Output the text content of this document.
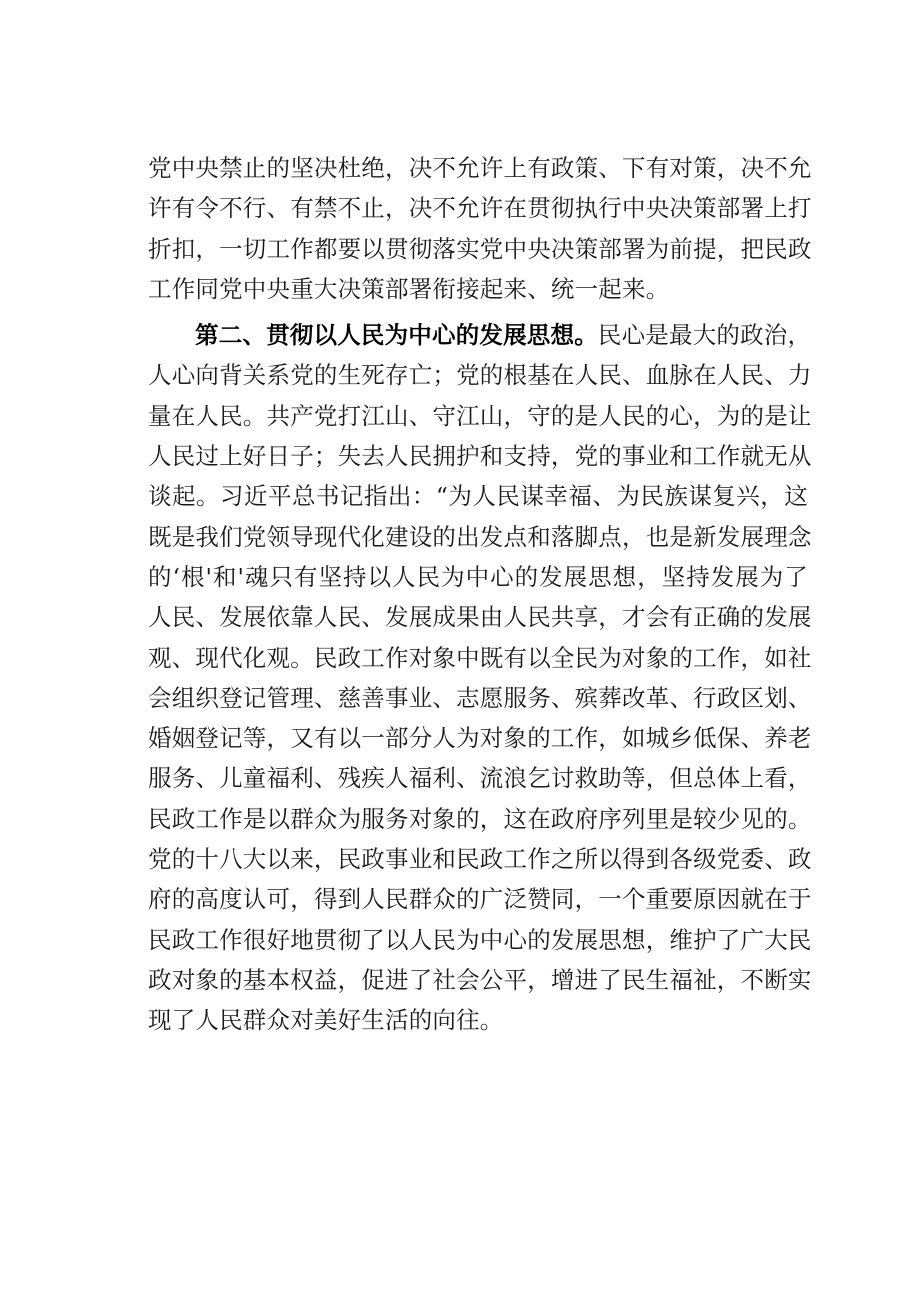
党中央禁止的坚决杜绝，决不允许上有政策、下有对策，决不允
许有令不行、有禁不止，决不允许在贯彻执行中央决策部署上打
折扣，一切工作都要以贯彻落实党中央决策部署为前提，把民政
工作同党中央重大决策部署衔接起来、统一起来。
第二、贯彻以人民为中心的发展思想。民心是最大的政治，
人心向背关系党的生死存亡；党的根基在人民、血脉在人民、力
量在人民。共产党打江山、守江山，守的是人民的心，为的是让
人民过上好日子；失去人民拥护和支持，党的事业和工作就无从
谈起。习近平总书记指出：“为人民谋幸福、为民族谋复兴，这
既是我们党领导现代化建设的出发点和落脚点，也是新发展理念
的‘根'和'魂只有坚持以人民为中心的发展思想，坚持发展为了
人民、发展依靠人民、发展成果由人民共享，才会有正确的发展
观、现代化观。民政工作对象中既有以全民为对象的工作，如社
会组织登记管理、慈善事业、志愿服务、殡葬改革、行政区划、
婚姻登记等，又有以一部分人为对象的工作，如城乡低保、养老
服务、儿童福利、残疾人福利、流浪乞讨救助等，但总体上看，
民政工作是以群众为服务对象的，这在政府序列里是较少见的。
党的十八大以来，民政事业和民政工作之所以得到各级党委、政
府的高度认可，得到人民群众的广泛赞同，一个重要原因就在于
民政工作很好地贯彻了以人民为中心的发展思想，维护了广大民
政对象的基本权益，促进了社会公平，增进了民生福祉，不断实
现了人民群众对美好生活的向往。
